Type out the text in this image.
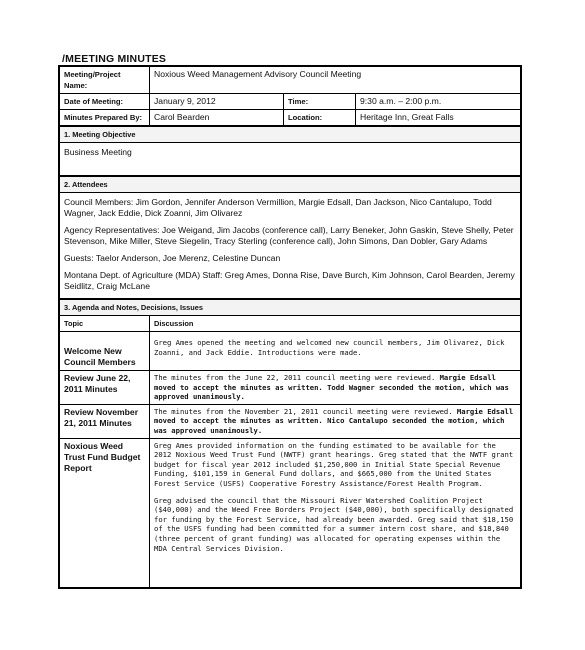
/MEETING MINUTES
Meeting/Project Name:	Noxious Weed Management Advisory Council Meeting		
Date of Meeting:	January 9, 2012	Time:	9:30 a.m. – 2:00 p.m.
Minutes Prepared By:	Carol Bearden	Location:	Heritage Inn, Great Falls
1. Meeting Objective
Business Meeting
2. Attendees

Council Members: Jim Gordon, Jennifer Anderson Vermillion, Margie Edsall, Dan Jackson, Nico Cantalupo, Todd Wagner, Jack Eddie, Dick Zoanni, Jim Olivarez

Agency Representatives: Joe Weigand, Jim Jacobs (conference call), Larry Beneker, John Gaskin, Steve Shelly, Peter Stevenson, Mike Miller, Steve Siegelin, Tracy Sterling (conference call), John Simons, Dan Dobler, Gary Adams

Guests: Taelor Anderson, Joe Merenz, Celestine Duncan

Montana Dept. of Agriculture (MDA) Staff: Greg Ames, Donna Rise, Dave Burch, Kim Johnson, Carol Bearden, Jeremy Seidlitz, Craig McLane

3. Agenda and Notes, Decisions, Issues	
Topic	Discussion
Welcome New Council Members	Greg Ames opened the meeting and welcomed new council members, Jim Olivarez, Dick Zoanni, and Jack Eddie. Introductions were made.
Review June 22, 2011 Minutes	The minutes from the June 22, 2011 council meeting were reviewed. Margie Edsall moved to accept the minutes as written. Todd Wagner seconded the motion, which was approved unanimously.
Review November 21, 2011 Minutes	The minutes from the November 21, 2011 council meeting were reviewed. Margie Edsall moved to accept the minutes as written. Nico Cantalupo seconded the motion, which was approved unanimously.
Noxious Weed Trust Fund Budget Report	Greg Ames provided information on the funding estimated to be available for the 2012 Noxious Weed Trust Fund (NWTF) grant hearings. Greg stated that the NWTF grant budget for fiscal year 2012 included $1,250,000 in Initial State Special Revenue Funding, $101,159 in General Fund dollars, and $665,000 from the United States Forest Service (USFS) Cooperative Forestry Assistance/Forest Health Program.

Greg advised the council that the Missouri River Watershed Coalition Project ($40,000) and the Weed Free Borders Project ($40,000), both specifically designated for funding by the Forest Service, had already been awarded. Greg said that $18,150 of the USFS funding had been committed for a summer intern cost share, and $18,840 (three percent of grant funding) was allocated for operating expenses within the MDA Central Services Division.
